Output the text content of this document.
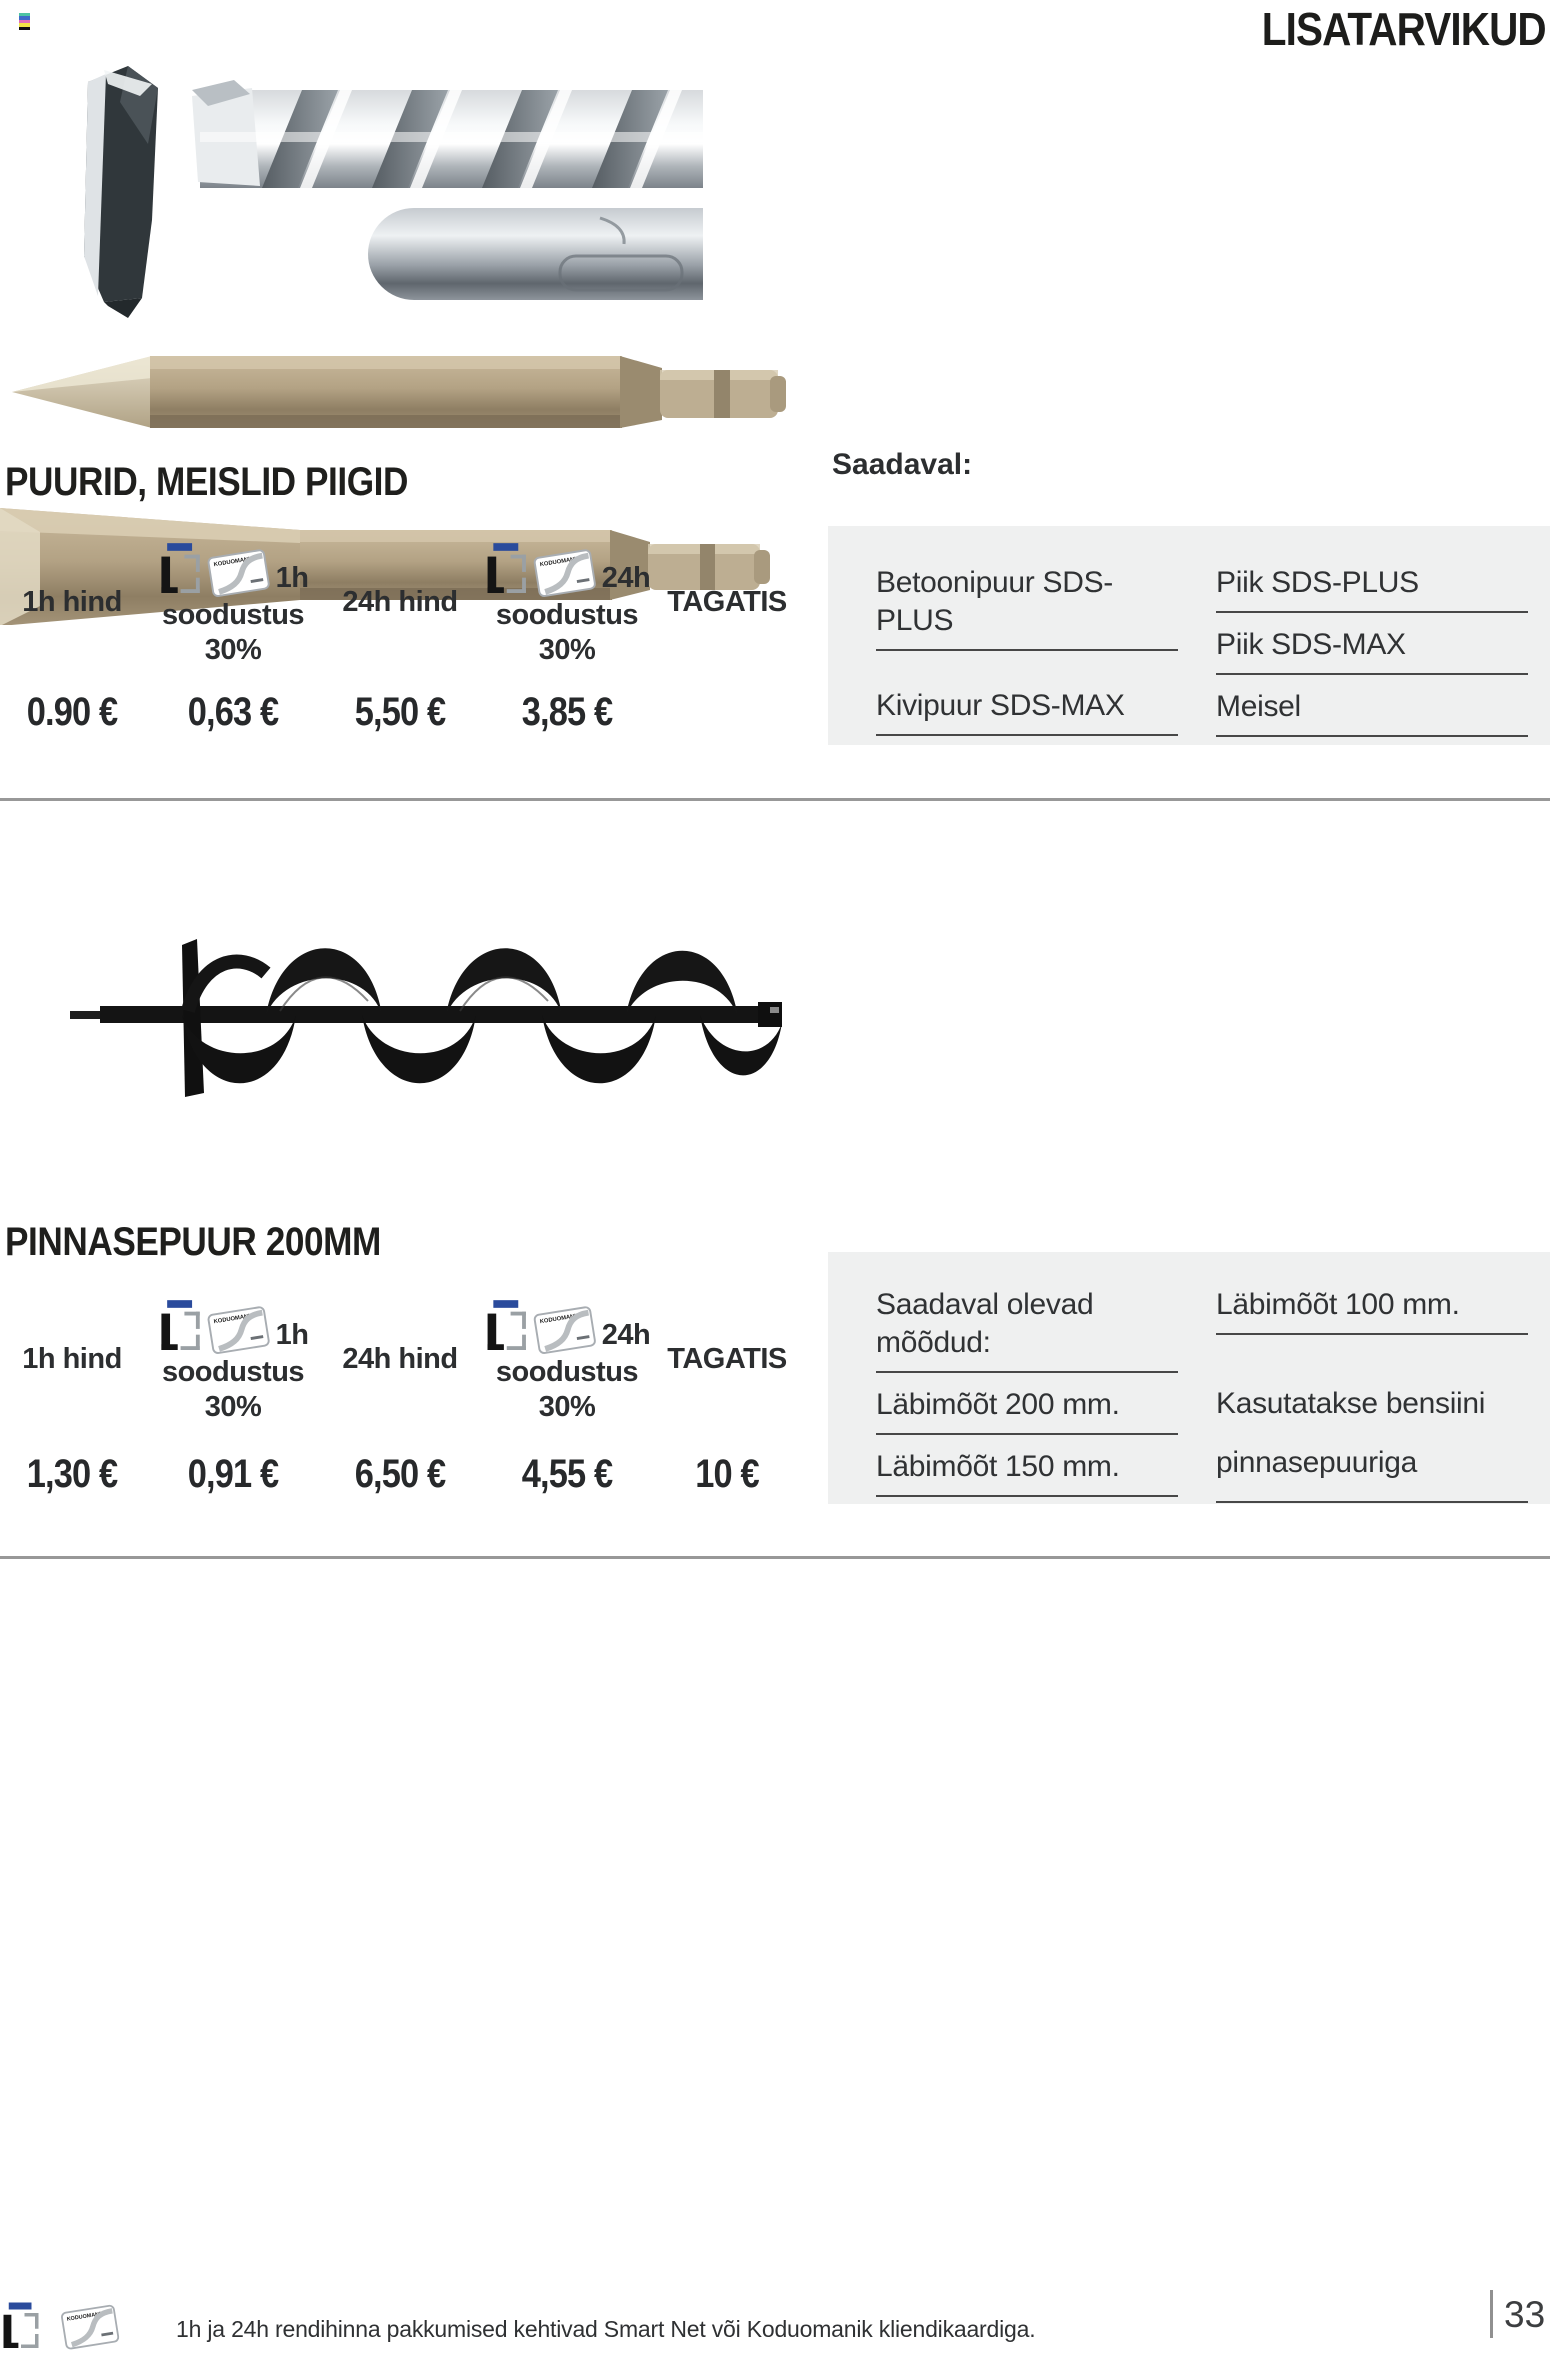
LISATARVIKUD
PUURID, MEISLID PIIGID
1h hind
KODUOMANIK 1h
soodustus
30%
24h hind
KODUOMANIK 24h
soodustus
30%
TAGATIS
0.90 € 0,63 € 5,50 € 3,85 €
Saadaval:
Betoonipuur SDS-PLUS
Kivipuur SDS-MAX
Piik SDS-PLUS
Piik SDS-MAX
Meisel
PINNASEPUUR 200MM
1h hind
KODUOMANIK 1h
soodustus
30%
24h hind
KODUOMANIK 24h
soodustus
30%
TAGATIS
1,30 € 0,91 € 6,50 € 4,55 € 10 €
Saadaval olevad mõõdud:
Läbimõõt 200 mm.
Läbimõõt 150 mm.
Läbimõõt 100 mm.
Kasutatakse bensiini pinnasepuuriga
KODUOMANIK	1h ja 24h rendihinna pakkumised kehtivad Smart Net või Koduomanik kliendikaardiga.	33
